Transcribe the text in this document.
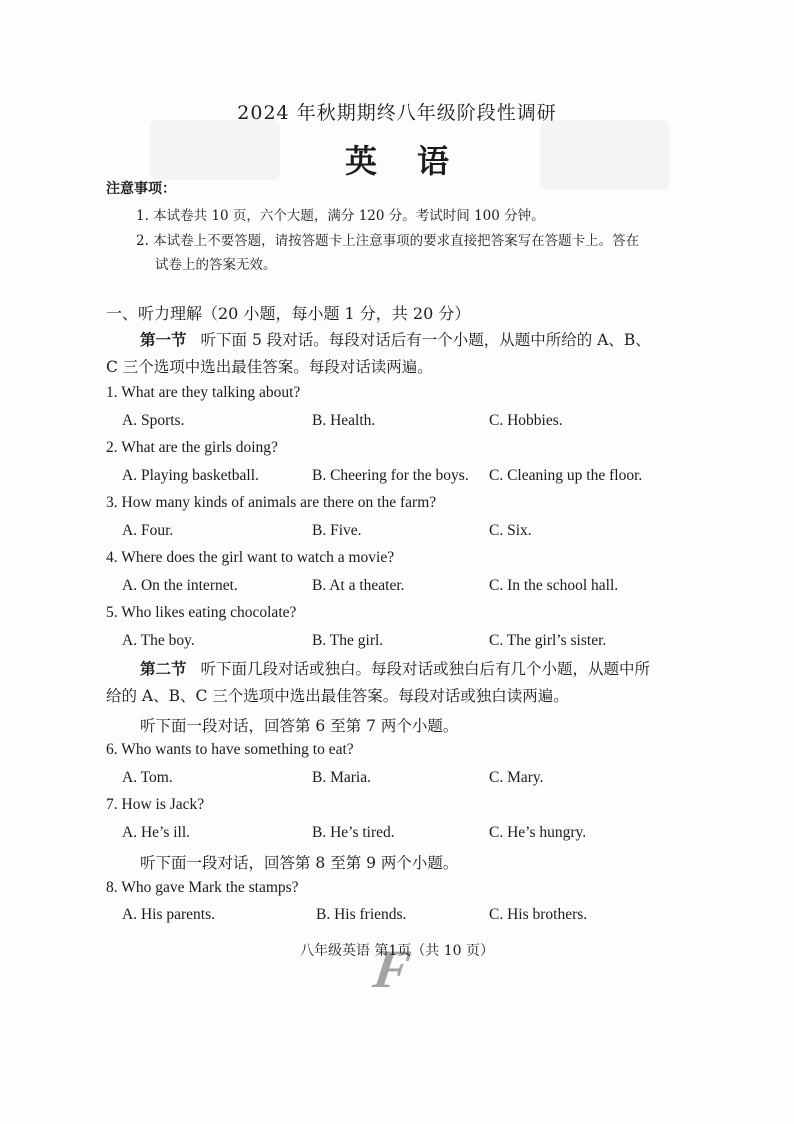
2024 年秋期期终八年级阶段性调研
英语
注意事项：
1. 本试卷共 10 页，六个大题，满分 120 分。考试时间 100 分钟。
2. 本试卷上不要答题，请按答题卡上注意事项的要求直接把答案写在答题卡上。答在
试卷上的答案无效。
一、听力理解（20 小题，每小题 1 分，共 20 分）
第一节 听下面 5 段对话。每段对话后有一个小题，从题中所给的 A、B、
C 三个选项中选出最佳答案。每段对话读两遍。
1. What are they talking about?
A. Sports.	B. Health.	C. Hobbies.
2. What are the girls doing?
A. Playing basketball.	B. Cheering for the boys. C. Cleaning up the floor.
3. How many kinds of animals are there on the farm?
A. Four.	B. Five.	C. Six.
4. Where does the girl want to watch a movie?
A. On the internet.	B. At a theater.	C. In the school hall.
5. Who likes eating chocolate?
A. The boy.	B. The girl.	C. The girl’s sister.
第二节 听下面几段对话或独白。每段对话或独白后有几个小题，从题中所
给的 A、B、C 三个选项中选出最佳答案。每段对话或独白读两遍。
听下面一段对话，回答第 6 至第 7 两个小题。
6. Who wants to have something to eat?
A. Tom.	B. Maria.	C. Mary.
7. How is Jack?
A. He’s ill.	B. He’s tired.	C. He’s hungry.
听下面一段对话，回答第 8 至第 9 两个小题。
8. Who gave Mark the stamps?
A. His parents.	B. His friends.	C. His brothers.
F
八年级英语 第1页（共 10 页）
